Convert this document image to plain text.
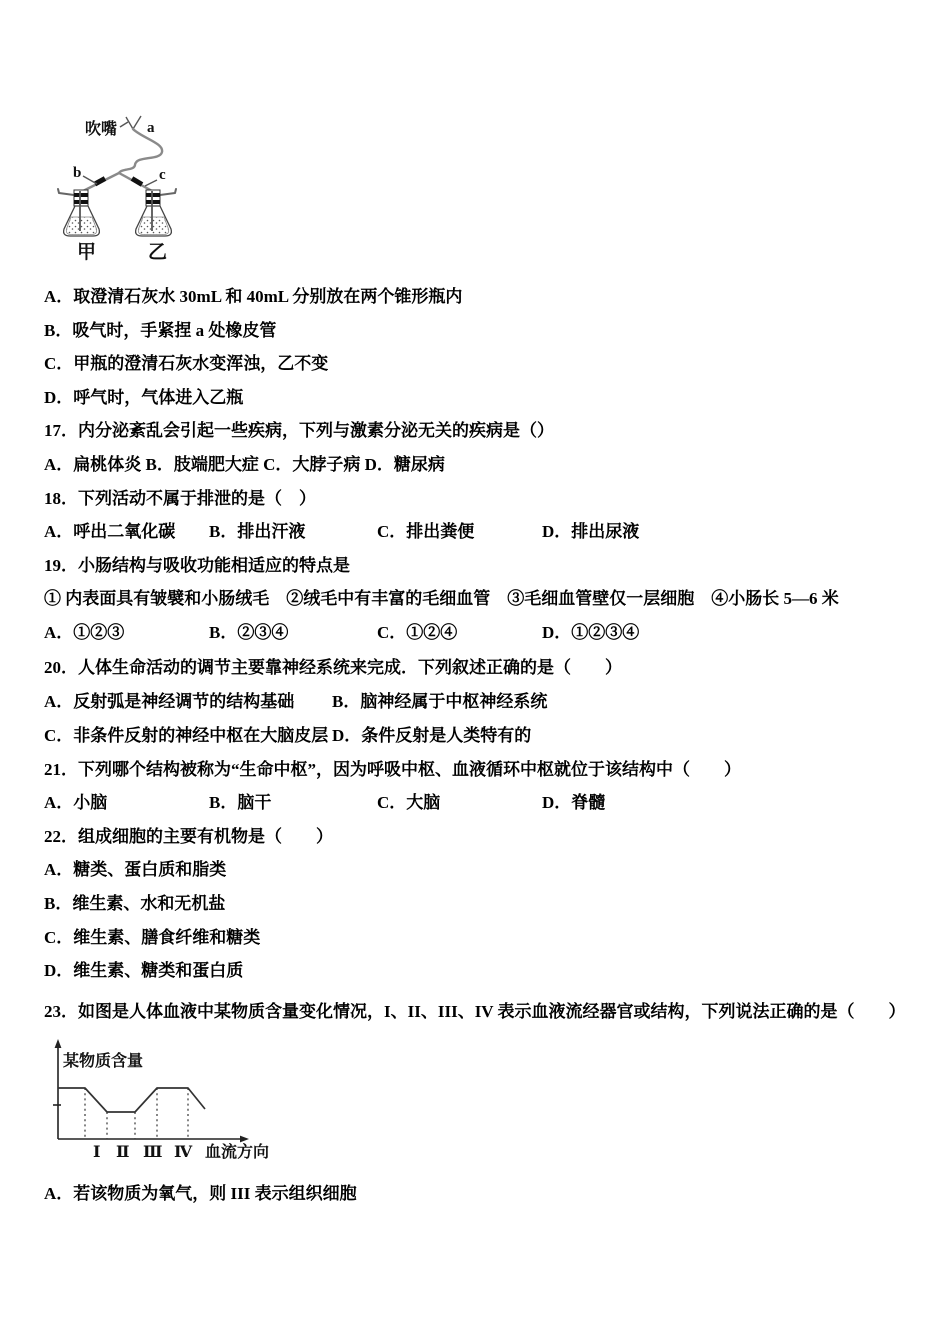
吹嘴 a
b	c
甲	乙
A．取澄清石灰水 30mL 和 40mL 分别放在两个锥形瓶内
B．吸气时，手紧捏 a 处橡皮管
C．甲瓶的澄清石灰水变浑浊，乙不变
D．呼气时，气体进入乙瓶
17．内分泌紊乱会引起一些疾病，下列与激素分泌无关的疾病是（）
A．扁桃体炎 B．肢端肥大症 C．大脖子病 D．糖尿病
18．下列活动不属于排泄的是（　）
A．呼出二氧化碳 B．排出汗液	C．排出粪便	D．排出尿液
19．小肠结构与吸收功能相适应的特点是
① 内表面具有皱襞和小肠绒毛　②绒毛中有丰富的毛细血管　③毛细血管壁仅一层细胞　④小肠长 5—6 米
A．①②③	B．②③④	C．①②④	D．①②③④
20．人体生命活动的调节主要靠神经系统来完成．下列叙述正确的是（　　）
A．反射弧是神经调节的结构基础 B．脑神经属于中枢神经系统
C．非条件反射的神经中枢在大脑皮层 D．条件反射是人类特有的
21．下列哪个结构被称为“生命中枢”，因为呼吸中枢、血液循环中枢就位于该结构中（　　）
A．小脑	B．脑干	C．大脑	D．脊髓
22．组成细胞的主要有机物是（　　）
A．糖类、蛋白质和脂类
B．维生素、水和无机盐
C．维生素、膳食纤维和糖类
D．维生素、糖类和蛋白质
23．如图是人体血液中某物质含量变化情况，I、II、III、IV 表示血液流经器官或结构，下列说法正确的是（　　）
某物质含量
Ⅰ Ⅱ Ⅲ Ⅳ 血流方向
A．若该物质为氧气，则 III 表示组织细胞
